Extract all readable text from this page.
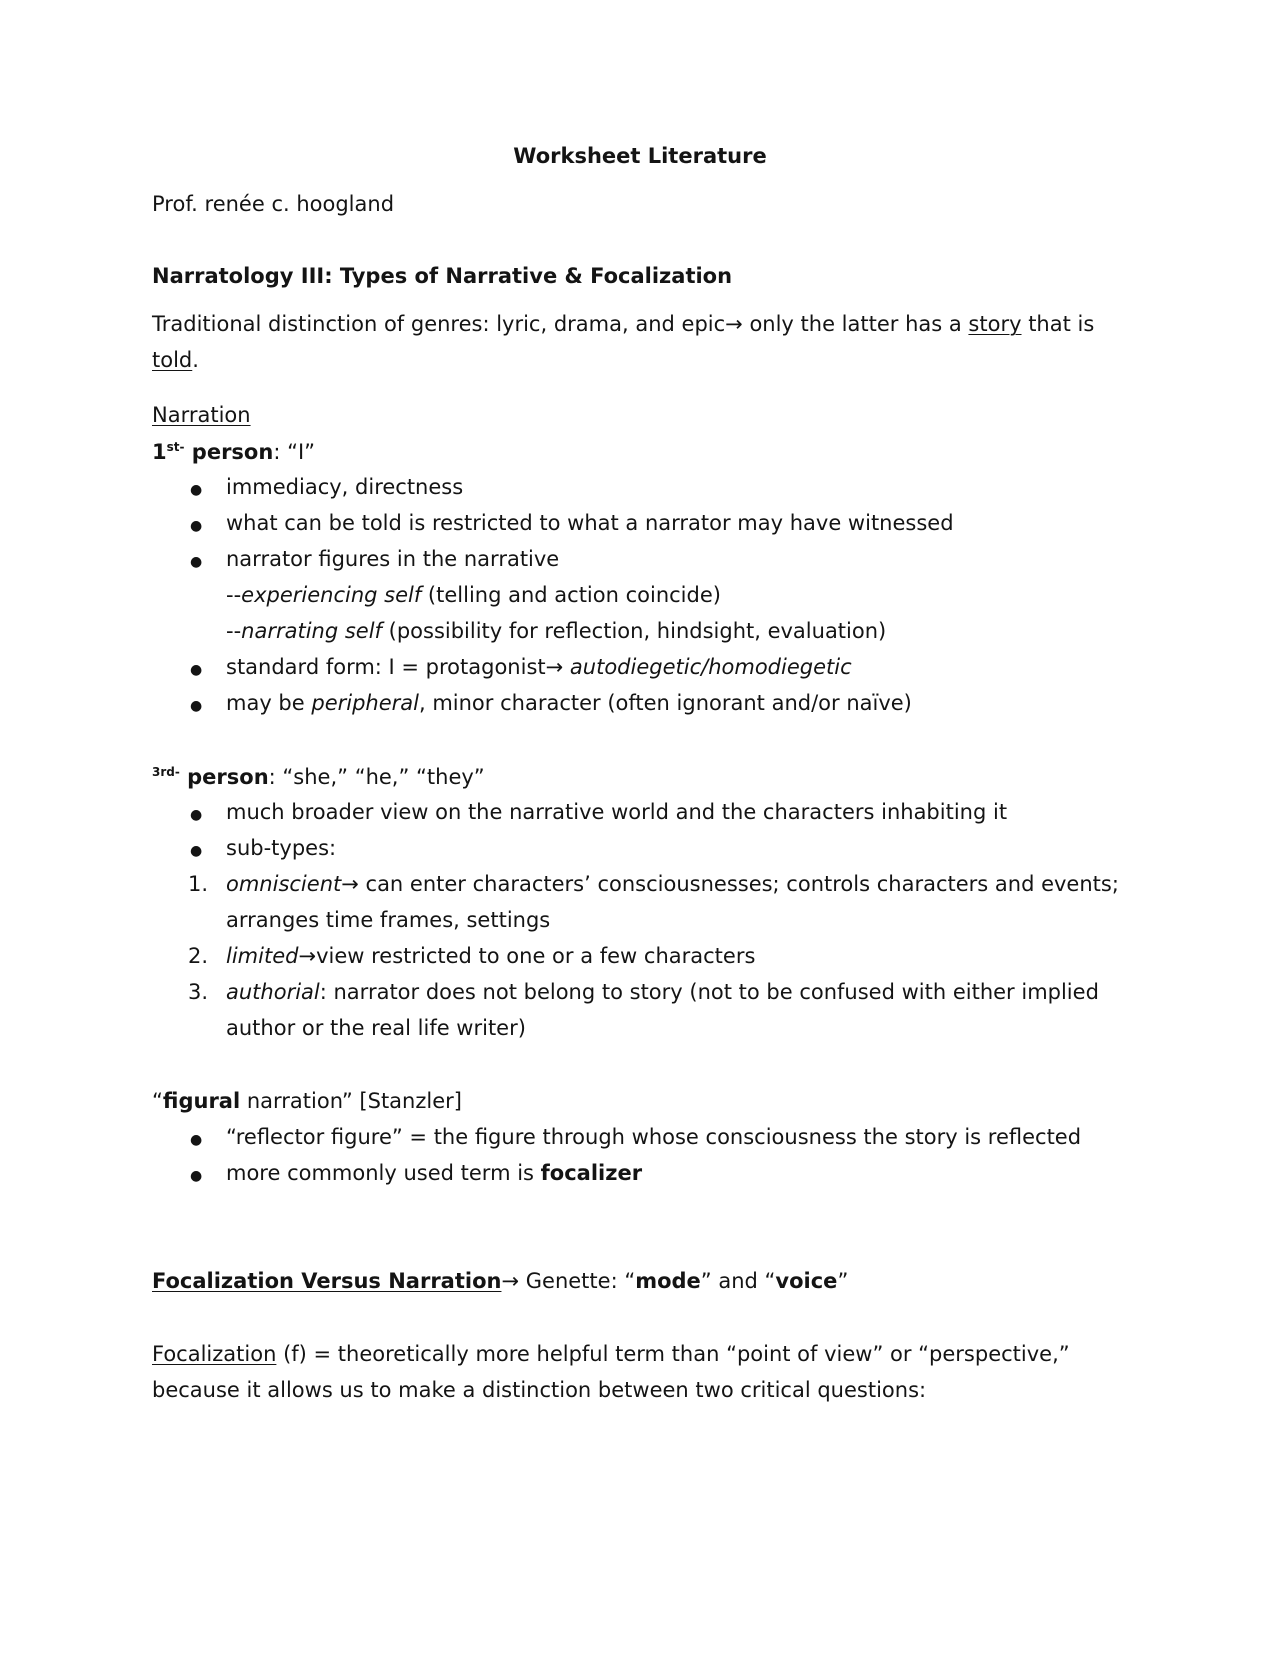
Worksheet Literature
Prof. renée c. hoogland
Narratology III: Types of Narrative & Focalization
Traditional distinction of genres: lyric, drama, and epic→ only the latter has a story that is
told.
Narration
$1^{st-}$ person: “I”
● immediacy, directness
● what can be told is restricted to what a narrator may have witnessed
● narrator figures in the narrative
--experiencing self (telling and action coincide)
--narrating self (possibility for reflection, hindsight, evaluation)
● standard form: I = protagonist→ autodiegetic/homodiegetic
● may be peripheral, minor character (often ignorant and/or naïve)
$^{3rd-}$ person: “she,” “he,” “they”
● much broader view on the narrative world and the characters inhabiting it
● sub-types:
1. omniscient→ can enter characters’ consciousnesses; controls characters and events;
arranges time frames, settings
2. limited→view restricted to one or a few characters
3. authorial: narrator does not belong to story (not to be confused with either implied
author or the real life writer)
“figural narration” [Stanzler]
● “reflector figure” = the figure through whose consciousness the story is reflected
● more commonly used term is focalizer
Focalization Versus Narration→ Genette: “mode” and “voice”
Focalization (f) = theoretically more helpful term than “point of view” or “perspective,”
because it allows us to make a distinction between two critical questions:
